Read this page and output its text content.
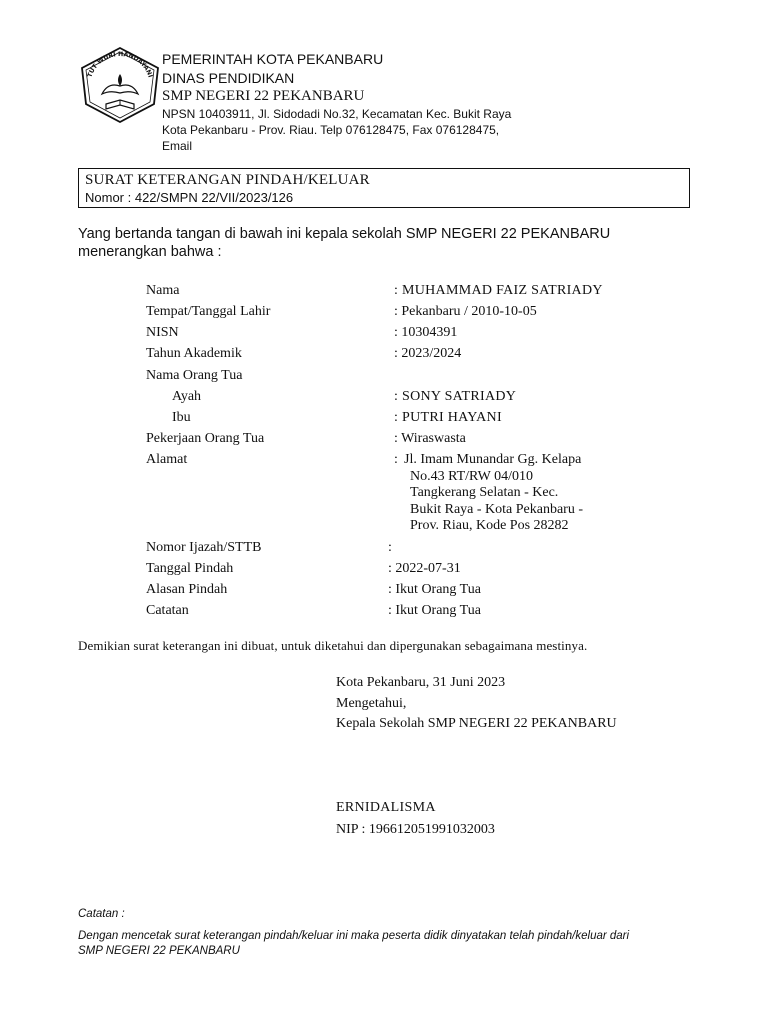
TUT WURI HANDAYANI
PEMERINTAH KOTA PEKANBARU
DINAS PENDIDIKAN
SMP NEGERI 22 PEKANBARU
NPSN 10403911, Jl. Sidodadi No.32, Kecamatan Kec. Bukit Raya
Kota Pekanbaru - Prov. Riau. Telp 076128475, Fax 076128475,
Email
SURAT KETERANGAN PINDAH/KELUAR
Nomor : 422/SMPN 22/VII/2023/126
Yang bertanda tangan di bawah ini kepala sekolah SMP NEGERI 22 PEKANBARU
menerangkan bahwa :
Nama	: MUHAMMAD FAIZ SATRIADY
Tempat/Tanggal Lahir	: Pekanbaru / 2010-10-05
NISN	: 10304391
Tahun Akademik	: 2023/2024
Nama Orang Tua
Ayah	: SONY SATRIADY
Ibu	: PUTRI HAYANI
Pekerjaan Orang Tua	: Wiraswasta
Alamat	: Jl. Imam Munandar Gg. Kelapa
No.43 RT/RW 04/010
Tangkerang Selatan - Kec.
Bukit Raya - Kota Pekanbaru -
Prov. Riau, Kode Pos 28282
Nomor Ijazah/STTB	:
Tanggal Pindah	: 2022-07-31
Alasan Pindah	: Ikut Orang Tua
Catatan	: Ikut Orang Tua
Demikian surat keterangan ini dibuat, untuk diketahui dan dipergunakan sebagaimana mestinya.
Kota Pekanbaru, 31 Juni 2023
Mengetahui,
Kepala Sekolah SMP NEGERI 22 PEKANBARU
ERNIDALISMA
NIP : 196612051991032003
Catatan :
Dengan mencetak surat keterangan pindah/keluar ini maka peserta didik dinyatakan telah pindah/keluar dari
SMP NEGERI 22 PEKANBARU
